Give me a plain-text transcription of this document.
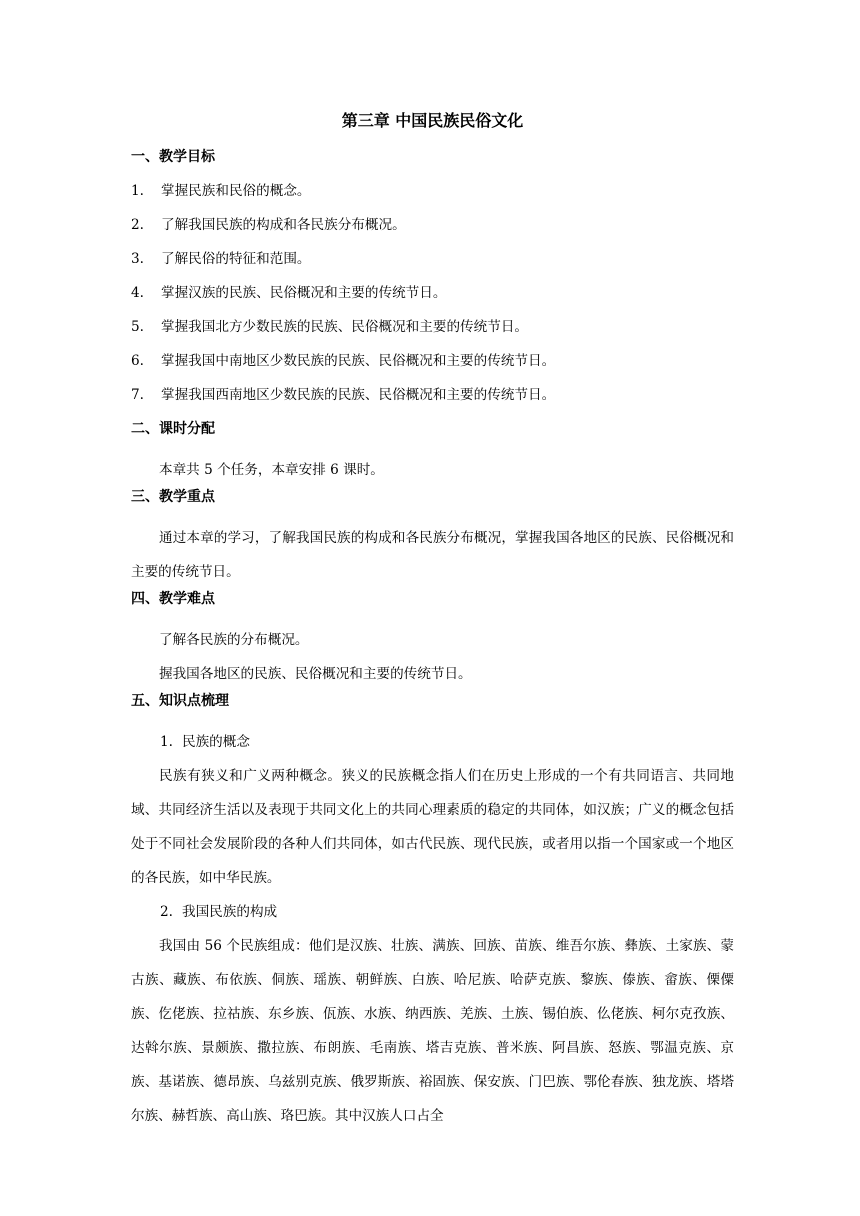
第三章 中国民族民俗文化
一、教学目标

1. 掌握民族和民俗的概念。

2. 了解我国民族的构成和各民族分布概况。

3. 了解民俗的特征和范围。

4. 掌握汉族的民族、民俗概况和主要的传统节日。

5. 掌握我国北方少数民族的民族、民俗概况和主要的传统节日。

6. 掌握我国中南地区少数民族的民族、民俗概况和主要的传统节日。

7. 掌握我国西南地区少数民族的民族、民俗概况和主要的传统节日。

二、课时分配

本章共 5 个任务，本章安排 6 课时。

三、教学重点

通过本章的学习，了解我国民族的构成和各民族分布概况，掌握我国各地区的民族、民俗概况和主要的传统节日。

四、教学难点

了解各民族的分布概况。

握我国各地区的民族、民俗概况和主要的传统节日。

五、知识点梳理

1. 民族的概念

民族有狭义和广义两种概念。狭义的民族概念指人们在历史上形成的一个有共同语言、共同地域、共同经济生活以及表现于共同文化上的共同心理素质的稳定的共同体，如汉族；广义的概念包括处于不同社会发展阶段的各种人们共同体，如古代民族、现代民族，或者用以指一个国家或一个地区的各民族，如中华民族。

2. 我国民族的构成

我国由 56 个民族组成：他们是汉族、壮族、满族、回族、苗族、维吾尔族、彝族、土家族、蒙古族、藏族、布依族、侗族、瑶族、朝鲜族、白族、哈尼族、哈萨克族、黎族、傣族、畲族、傈僳族、仡佬族、拉祜族、东乡族、佤族、水族、纳西族、羌族、土族、锡伯族、仫佬族、柯尔克孜族、达斡尔族、景颇族、撒拉族、布朗族、毛南族、塔吉克族、普米族、阿昌族、怒族、鄂温克族、京族、基诺族、德昂族、乌兹别克族、俄罗斯族、裕固族、保安族、门巴族、鄂伦春族、独龙族、塔塔尔族、赫哲族、高山族、珞巴族。其中汉族人口占全
